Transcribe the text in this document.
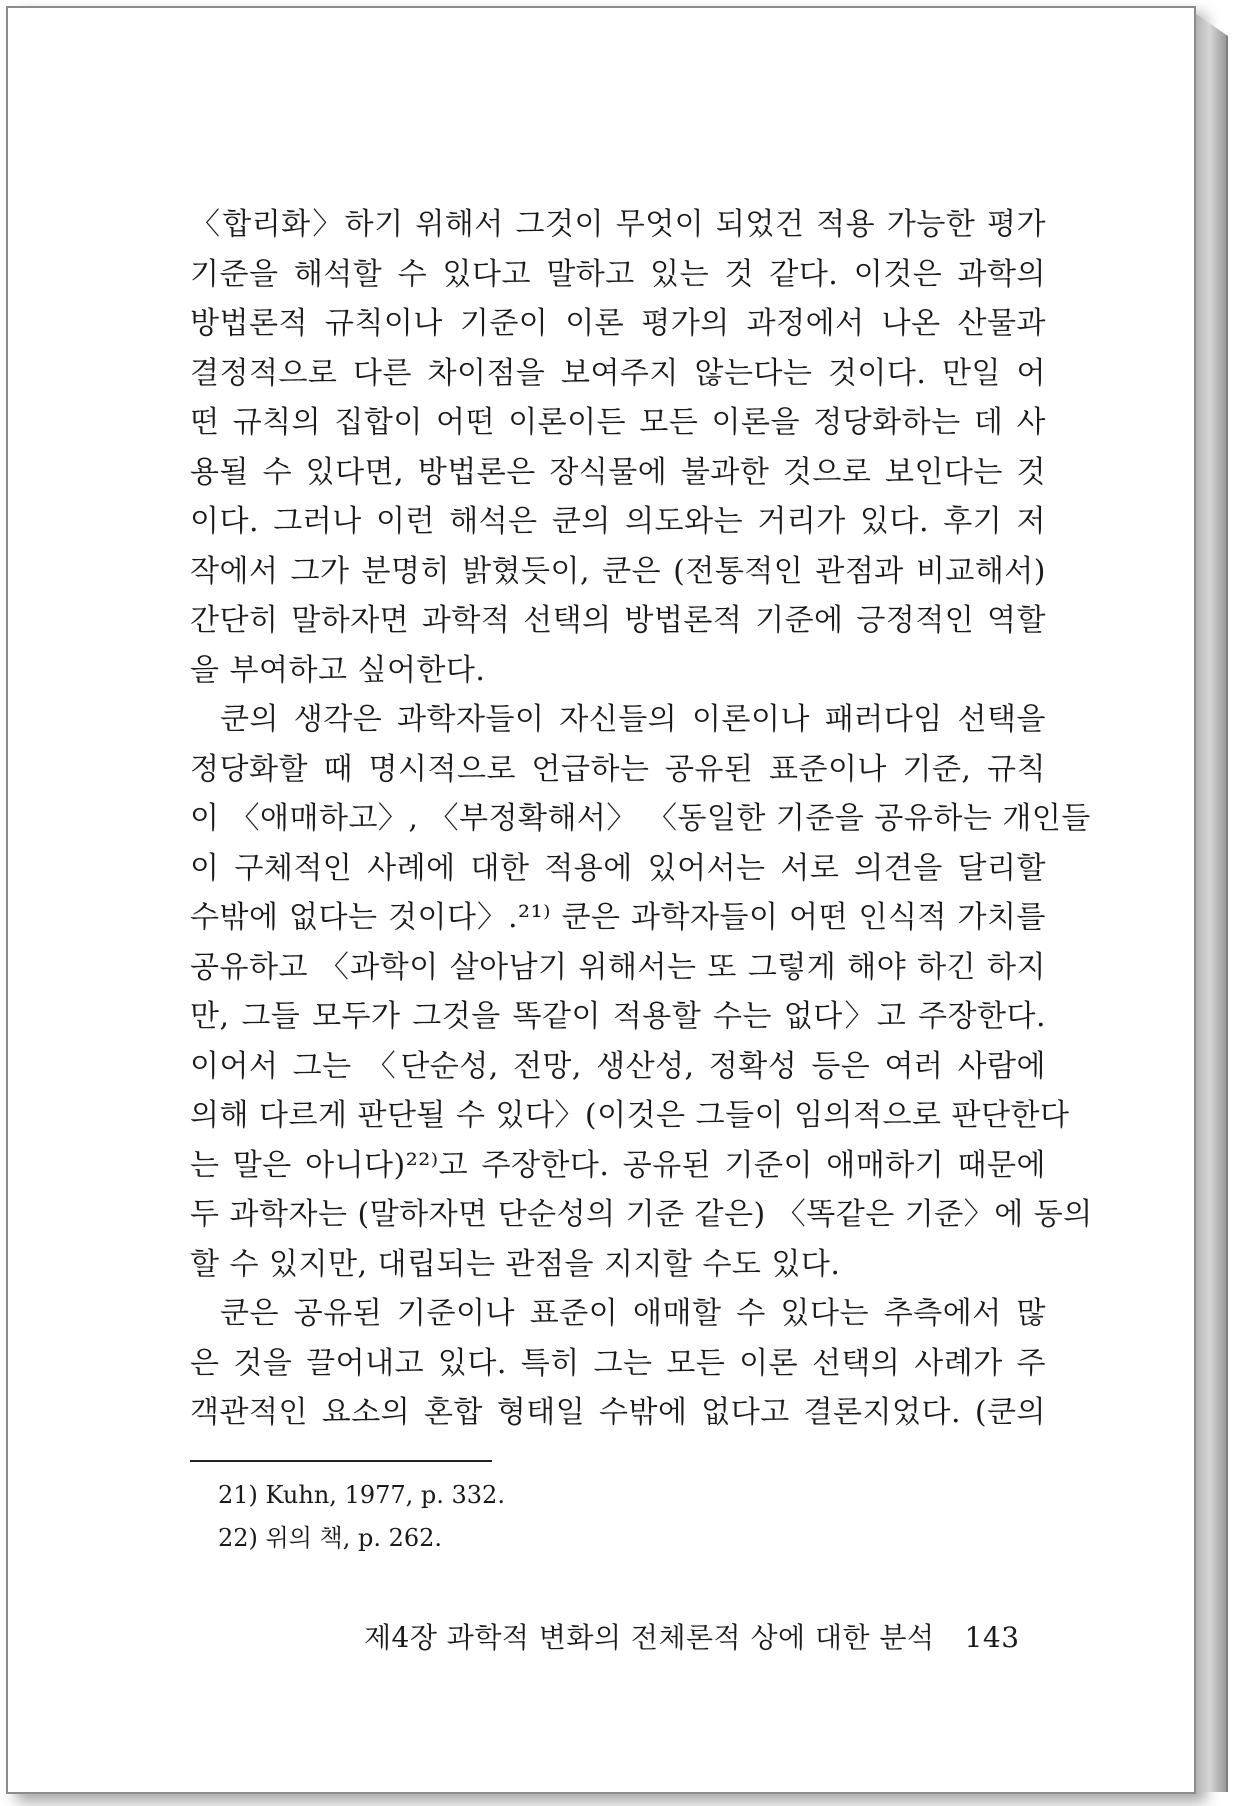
〈합리화〉하기 위해서 그것이 무엇이 되었건 적용 가능한 평가
기준을 해석할 수 있다고 말하고 있는 것 같다. 이것은 과학의
방법론적 규칙이나 기준이 이론 평가의 과정에서 나온 산물과
결정적으로 다른 차이점을 보여주지 않는다는 것이다. 만일 어
떤 규칙의 집합이 어떤 이론이든 모든 이론을 정당화하는 데 사
용될 수 있다면, 방법론은 장식물에 불과한 것으로 보인다는 것
이다. 그러나 이런 해석은 쿤의 의도와는 거리가 있다. 후기 저
작에서 그가 분명히 밝혔듯이, 쿤은 (전통적인 관점과 비교해서)
간단히 말하자면 과학적 선택의 방법론적 기준에 긍정적인 역할
을 부여하고 싶어한다.
쿤의 생각은 과학자들이 자신들의 이론이나 패러다임 선택을
정당화할 때 명시적으로 언급하는 공유된 표준이나 기준, 규칙
이 〈애매하고〉, 〈부정확해서〉 〈동일한 기준을 공유하는 개인들
이 구체적인 사례에 대한 적용에 있어서는 서로 의견을 달리할
수밖에 없다는 것이다〉.²¹⁾ 쿤은 과학자들이 어떤 인식적 가치를
공유하고 〈과학이 살아남기 위해서는 또 그렇게 해야 하긴 하지
만, 그들 모두가 그것을 똑같이 적용할 수는 없다〉고 주장한다.
이어서 그는 〈단순성, 전망, 생산성, 정확성 등은 여러 사람에
의해 다르게 판단될 수 있다〉(이것은 그들이 임의적으로 판단한다
는 말은 아니다)²²⁾고 주장한다. 공유된 기준이 애매하기 때문에
두 과학자는 (말하자면 단순성의 기준 같은) 〈똑같은 기준〉에 동의
할 수 있지만, 대립되는 관점을 지지할 수도 있다.
쿤은 공유된 기준이나 표준이 애매할 수 있다는 추측에서 많
은 것을 끌어내고 있다. 특히 그는 모든 이론 선택의 사례가 주
객관적인 요소의 혼합 형태일 수밖에 없다고 결론지었다. (쿤의
21) Kuhn, 1977, p. 332.
22) 위의 책, p. 262.
제4장 과학적 변화의 전체론적 상에 대한 분석 143
